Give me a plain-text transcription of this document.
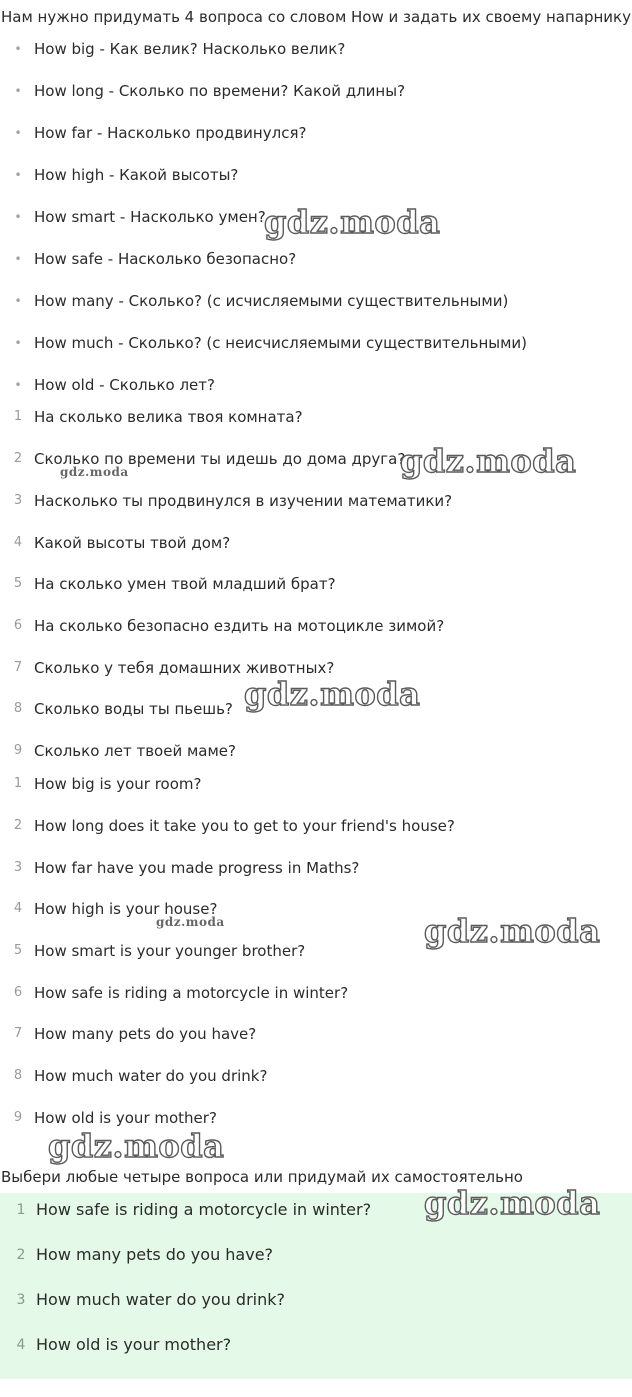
Нам нужно придумать 4 вопроса со словом How и задать их своему напарнику
• How big - Как велик? Насколько велик?
• How long - Сколько по времени? Какой длины?
• How far - Насколько продвинулся?
• How high - Какой высоты?
• How smart - Насколько умен?
• How safe - Насколько безопасно?
• How many - Сколько? (с исчисляемыми существительными)
• How much - Сколько? (с неисчисляемыми существительными)
• How old - Сколько лет?
1 На сколько велика твоя комната?
2 Сколько по времени ты идешь до дома друга?
3 Насколько ты продвинулся в изучении математики?
4 Какой высоты твой дом?
5 На сколько умен твой младший брат?
6 На сколько безопасно ездить на мотоцикле зимой?
7 Сколько у тебя домашних животных?
8 Сколько воды ты пьешь?
9 Сколько лет твоей маме?
1 How big is your room?
2 How long does it take you to get to your friend's house?
3 How far have you made progress in Maths?
4 How high is your house?
5 How smart is your younger brother?
6 How safe is riding a motorcycle in winter?
7 How many pets do you have?
8 How much water do you drink?
9 How old is your mother?
Выбери любые четыре вопроса или придумай их самостоятельно
1 How safe is riding a motorcycle in winter?
2 How many pets do you have?
3 How much water do you drink?
4 How old is your mother?
gdz.moda
gdz.moda
gdz.moda
gdz.moda
gdz.moda	gdz.moda
gdz.moda
gdz.moda
